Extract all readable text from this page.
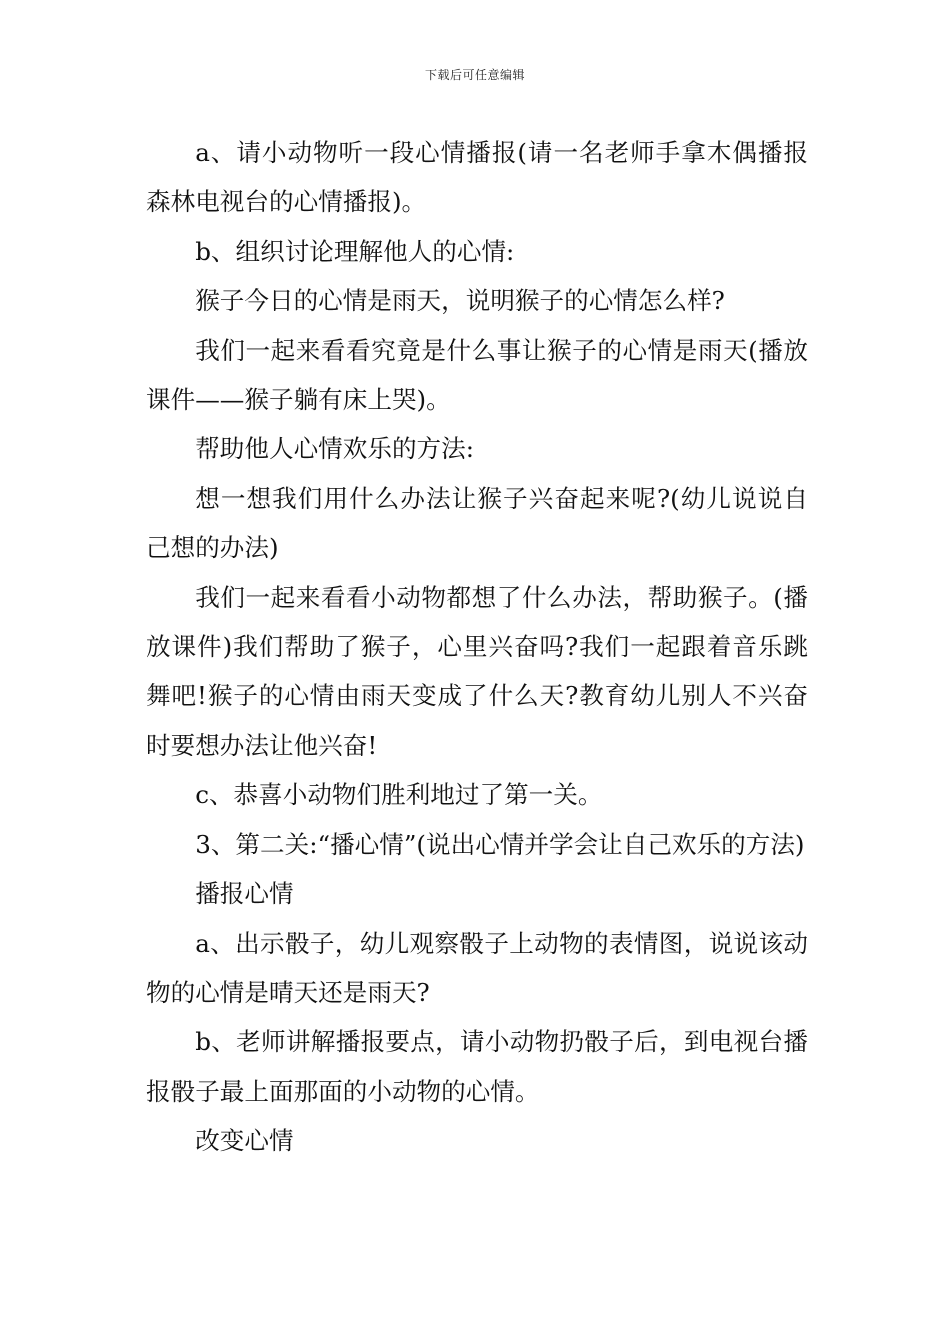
下载后可任意编辑

a、请小动物听一段心情播报(请一名老师手拿木偶播报森林电视台的心情播报)。

b、组织讨论理解他人的心情:

猴子今日的心情是雨天，说明猴子的心情怎么样?

我们一起来看看究竟是什么事让猴子的心情是雨天(播放课件——猴子躺有床上哭)。

帮助他人心情欢乐的方法:

想一想我们用什么办法让猴子兴奋起来呢?(幼儿说说自己想的办法)

我们一起来看看小动物都想了什么办法，帮助猴子。(播放课件)我们帮助了猴子，心里兴奋吗?我们一起跟着音乐跳舞吧!猴子的心情由雨天变成了什么天?教育幼儿别人不兴奋时要想办法让他兴奋!

c、恭喜小动物们胜利地过了第一关。

3、第二关:“播心情”(说出心情并学会让自己欢乐的方法)

播报心情

a、出示骰子，幼儿观察骰子上动物的表情图，说说该动物的心情是晴天还是雨天?

b、老师讲解播报要点，请小动物扔骰子后，到电视台播报骰子最上面那面的小动物的心情。

改变心情
